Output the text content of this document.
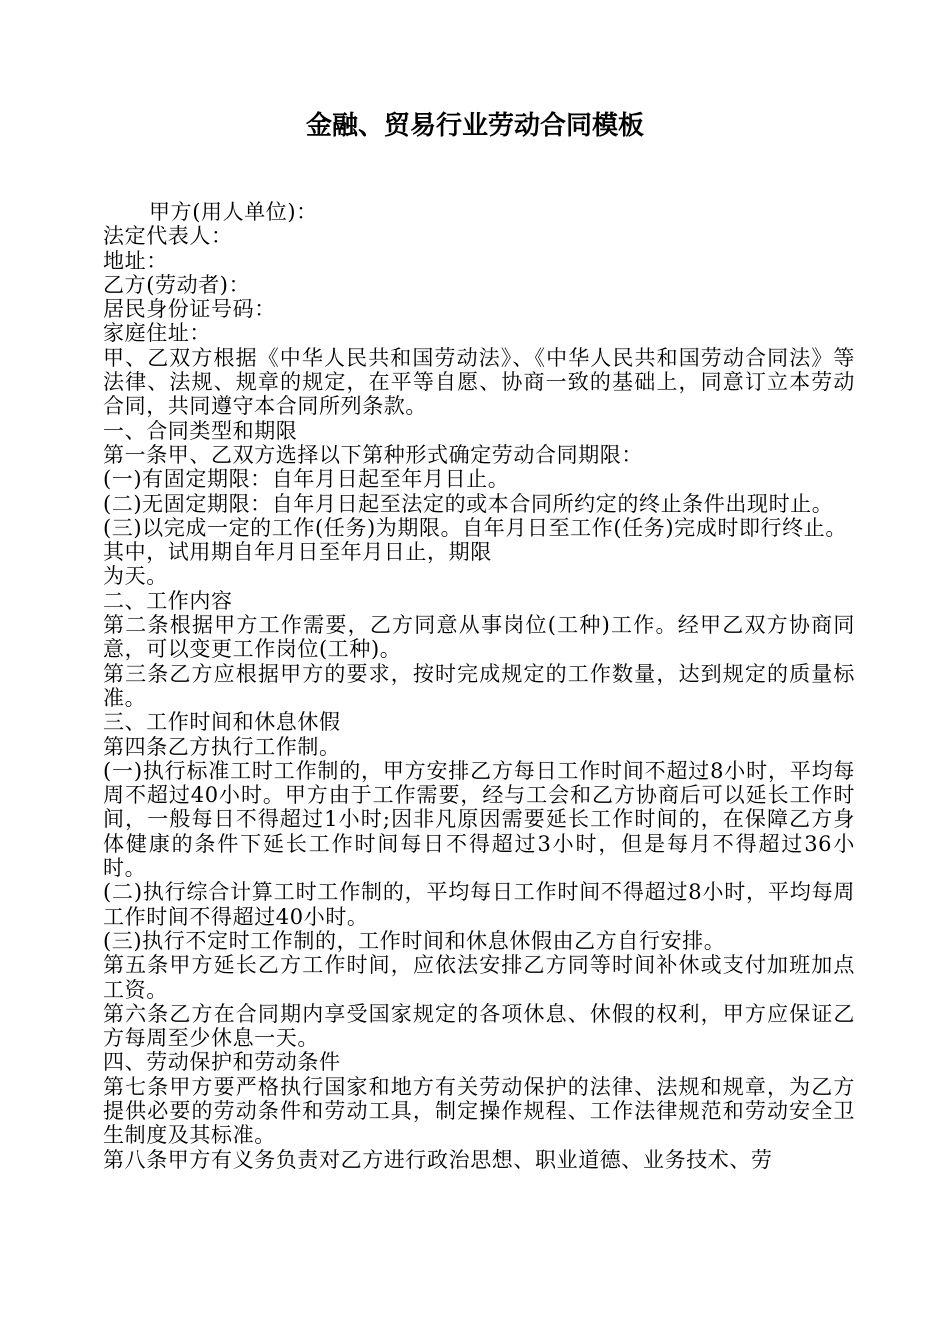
金融、贸易行业劳动合同模板

甲方(用人单位)：

法定代表人：

地址：

乙方(劳动者)：

居民身份证号码：

家庭住址：

甲、乙双方根据《中华人民共和国劳动法》、《中华人民共和国劳动合同法》等法律、法规、规章的规定，在平等自愿、协商一致的基础上，同意订立本劳动合同，共同遵守本合同所列条款。

一、合同类型和期限

第一条甲、乙双方选择以下第种形式确定劳动合同期限：

(一)有固定期限：自年月日起至年月日止。

(二)无固定期限：自年月日起至法定的或本合同所约定的终止条件出现时止。

(三)以完成一定的工作(任务)为期限。自年月日至工作(任务)完成时即行终止。

其中，试用期自年月日至年月日止，期限

为天。

二、工作内容

第二条根据甲方工作需要，乙方同意从事岗位(工种)工作。经甲乙双方协商同意，可以变更工作岗位(工种)。

第三条乙方应根据甲方的要求，按时完成规定的工作数量，达到规定的质量标准。

三、工作时间和休息休假

第四条乙方执行工作制。

(一)执行标准工时工作制的，甲方安排乙方每日工作时间不超过8小时，平均每周不超过40小时。甲方由于工作需要，经与工会和乙方协商后可以延长工作时间，一般每日不得超过1小时;因非凡原因需要延长工作时间的，在保障乙方身体健康的条件下延长工作时间每日不得超过3小时，但是每月不得超过36小时。

(二)执行综合计算工时工作制的，平均每日工作时间不得超过8小时，平均每周工作时间不得超过40小时。

(三)执行不定时工作制的，工作时间和休息休假由乙方自行安排。

第五条甲方延长乙方工作时间，应依法安排乙方同等时间补休或支付加班加点工资。

第六条乙方在合同期内享受国家规定的各项休息、休假的权利，甲方应保证乙方每周至少休息一天。

四、劳动保护和劳动条件

第七条甲方要严格执行国家和地方有关劳动保护的法律、法规和规章，为乙方提供必要的劳动条件和劳动工具，制定操作规程、工作法律规范和劳动安全卫生制度及其标准。

第八条甲方有义务负责对乙方进行政治思想、职业道德、业务技术、劳
